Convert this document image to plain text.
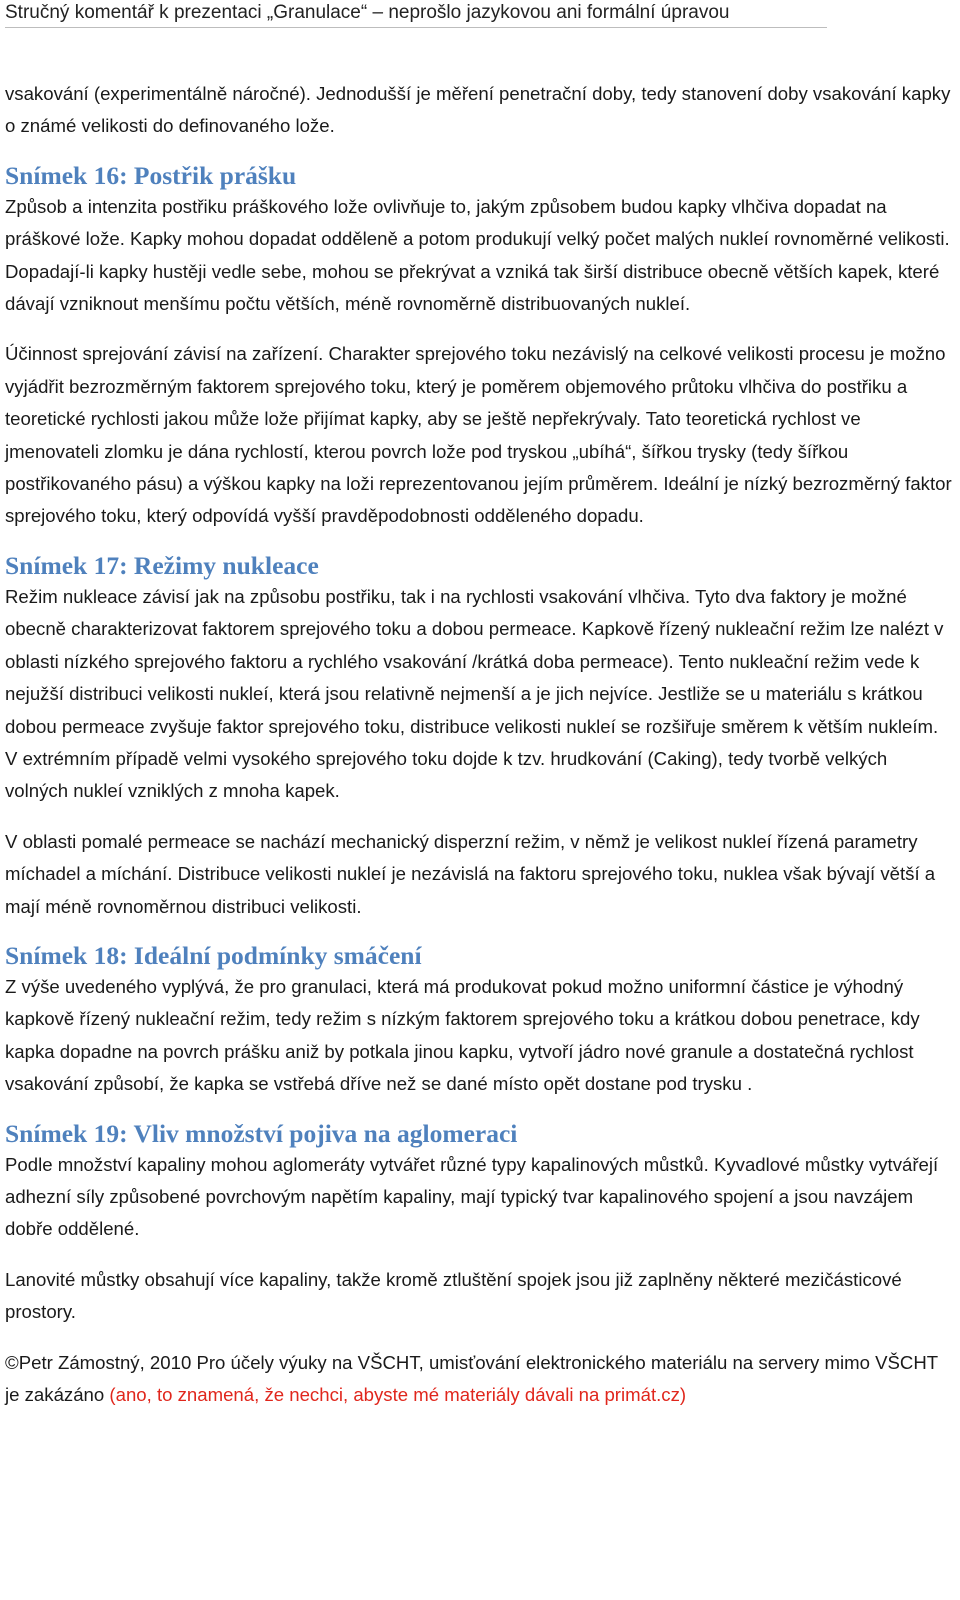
Stručný komentář k prezentaci „Granulace“ – neprošlo jazykovou ani formální úpravou

vsakování (experimentálně náročné). Jednodušší je měření penetrační doby, tedy stanovení doby vsakování kapky o známé velikosti do definovaného lože.

Snímek 16: Postřik prášku

Způsob a intenzita postřiku práškového lože ovlivňuje to, jakým způsobem budou kapky vlhčiva dopadat na práškové lože. Kapky mohou dopadat odděleně a potom produkují velký počet malých nukleí rovnoměrné velikosti. Dopadají-li kapky hustěji vedle sebe, mohou se překrývat a vzniká tak širší distribuce obecně větších kapek, které dávají vzniknout menšímu počtu větších, méně rovnoměrně distribuovaných nukleí.

Účinnost sprejování závisí na zařízení. Charakter sprejového toku nezávislý na celkové velikosti procesu je možno vyjádřit bezrozměrným faktorem sprejového toku, který je poměrem objemového průtoku vlhčiva do postřiku a teoretické rychlosti jakou může lože přijímat kapky, aby se ještě nepřekrývaly. Tato teoretická rychlost ve jmenovateli zlomku je dána rychlostí, kterou povrch lože pod tryskou „ubíhá“, šířkou trysky (tedy šířkou postřikovaného pásu) a výškou kapky na loži reprezentovanou jejím průměrem. Ideální je nízký bezrozměrný faktor sprejového toku, který odpovídá vyšší pravděpodobnosti odděleného dopadu.

Snímek 17: Režimy nukleace

Režim nukleace závisí jak na způsobu postřiku, tak i na rychlosti vsakování vlhčiva. Tyto dva faktory je možné obecně charakterizovat faktorem sprejového toku a dobou permeace. Kapkově řízený nukleační režim lze nalézt v oblasti nízkého sprejového faktoru a rychlého vsakování /krátká doba permeace). Tento nukleační režim vede k nejužší distribuci velikosti nukleí, která jsou relativně nejmenší a je jich nejvíce. Jestliže se u materiálu s krátkou dobou permeace zvyšuje faktor sprejového toku, distribuce velikosti nukleí se rozšiřuje směrem k větším nukleím. V extrémním případě velmi vysokého sprejového toku dojde k tzv. hrudkování (Caking), tedy tvorbě velkých volných nukleí vzniklých z mnoha kapek.

V oblasti pomalé permeace se nachází mechanický disperzní režim, v němž je velikost nukleí řízená parametry míchadel a míchání. Distribuce velikosti nukleí je nezávislá na faktoru sprejového toku, nuklea však bývají větší a mají méně rovnoměrnou distribuci velikosti.

Snímek 18: Ideální podmínky smáčení

Z výše uvedeného vyplývá, že pro granulaci, která má produkovat pokud možno uniformní částice je výhodný kapkově řízený nukleační režim, tedy režim s nízkým faktorem sprejového toku a krátkou dobou penetrace, kdy kapka dopadne na povrch prášku aniž by potkala jinou kapku, vytvoří jádro nové granule a dostatečná rychlost vsakování způsobí, že kapka se vstřebá dříve než se dané místo opět dostane pod trysku .

Snímek 19: Vliv množství pojiva na aglomeraci

Podle množství kapaliny mohou aglomeráty vytvářet různé typy kapalinových můstků. Kyvadlové můstky vytvářejí adhezní síly způsobené povrchovým napětím kapaliny, mají typický tvar kapalinového spojení a jsou navzájem dobře oddělené.

Lanovité můstky obsahují více kapaliny, takže kromě ztluštění spojek jsou již zaplněny některé mezičásticové prostory.

©Petr Zámostný, 2010 Pro účely výuky na VŠCHT, umisťování elektronického materiálu na servery mimo VŠCHT je zakázáno (ano, to znamená, že nechci, abyste mé materiály dávali na primát.cz)
